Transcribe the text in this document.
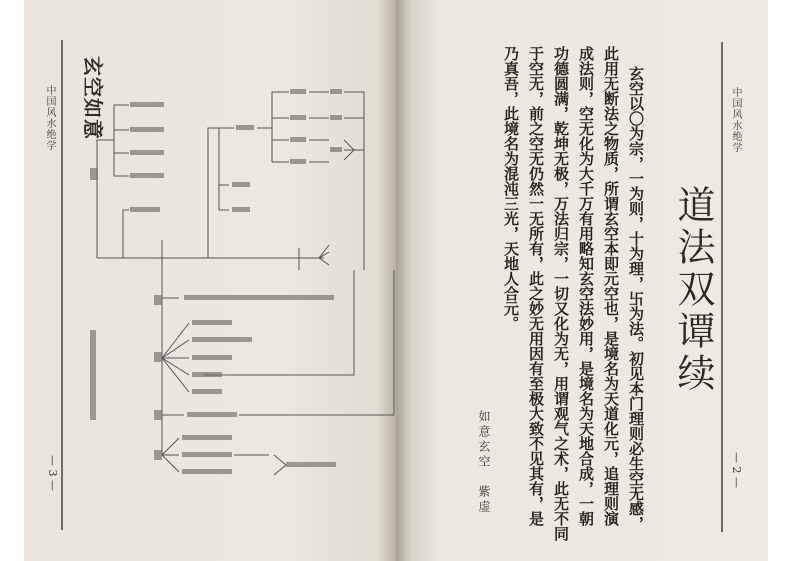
中国风水绝学
— 3 —
玄空如意	中国风水绝学
— 2 —
道法双谭续
玄空以〇为宗，一为则，十为理，卐为法。初见本门理则必生空无感，
此用无断法之物质，所谓玄空本即元空也，是境名为天道化元，追理则演
成法则，空无化为大千万有用略知玄空法妙用，是境名为天地合成，一朝
功德圆满，乾坤无极，万法归宗，一切又化为无，用谓观气之术，此无不同
于空无，前之空无仍然一无所有，此之妙无用因有至极大致不见其有，是
乃真吾，此境名为混沌三光，天地人合元。
如意玄空　紫虚
